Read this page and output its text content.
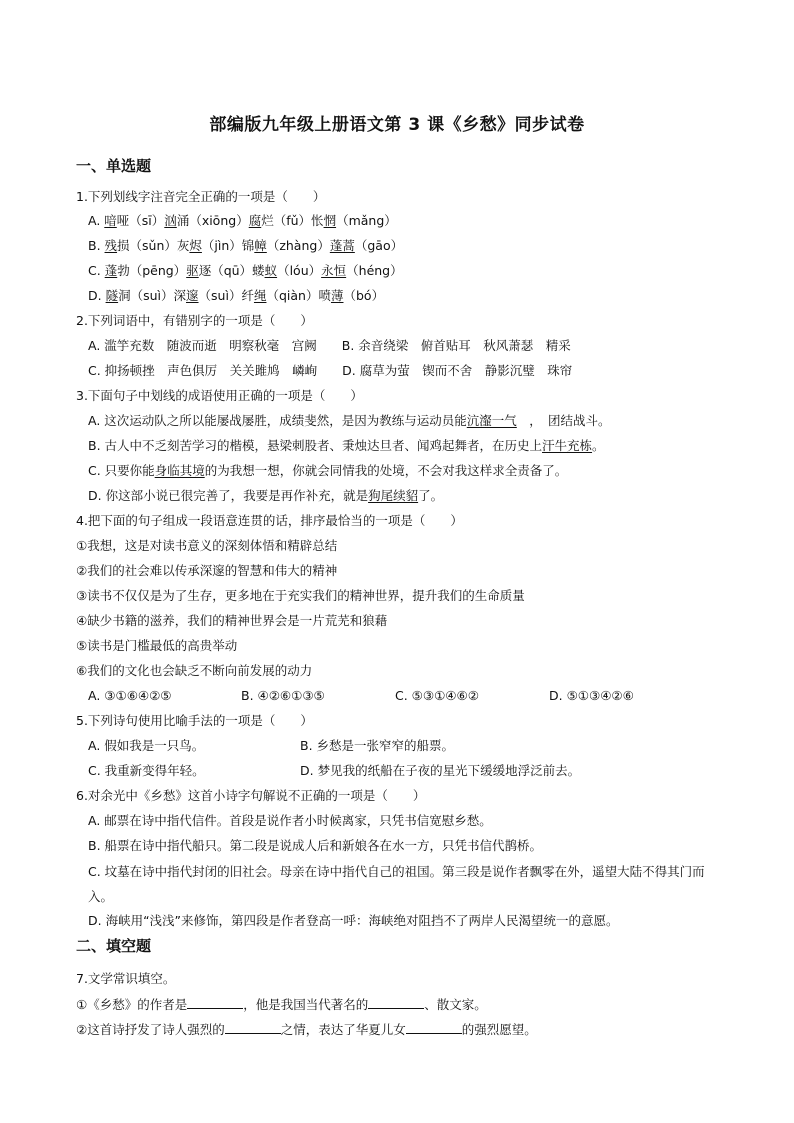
部编版九年级上册语文第 3 课《乡愁》同步试卷
一、单选题
1.下列划线字注音完全正确的一项是（　　）
A. 喑哑（sī）汹涌（xiōng）腐烂（fǔ）怅惘（mǎng）
B. 残损（sǔn）灰烬（jìn）锦幛（zhàng）蓬蒿（gāo）
C. 蓬勃（pēng）驱逐（qū）蝼蚁（lóu）永恒（héng）
D. 隧洞（suì）深邃（suì）纤绳（qiàn）喷薄（bó）
2.下列词语中，有错别字的一项是（　　）
A. 滥竽充数　随波而逝　明察秋毫　宫阙　　B. 余音绕梁　俯首贴耳　秋风萧瑟　精采
C. 抑扬顿挫　声色俱厉　关关雎鸠　嶙峋　　D. 腐草为萤　锲而不舍　静影沉璧　珠帘
3.下面句子中划线的成语使用正确的一项是（　　）
A. 这次运动队之所以能屡战屡胜，成绩斐然，是因为教练与运动员能沆瀣一气　，　团结战斗。
B. 古人中不乏刻苦学习的楷模，悬梁刺股者、秉烛达旦者、闻鸡起舞者，在历史上汗牛充栋。
C. 只要你能身临其境的为我想一想，你就会同情我的处境，不会对我这样求全责备了。
D. 你这部小说已很完善了，我要是再作补充，就是狗尾续貂了。
4.把下面的句子组成一段语意连贯的话，排序最恰当的一项是（　　）
①我想，这是对读书意义的深刻体悟和精辟总结
②我们的社会难以传承深邃的智慧和伟大的精神
③读书不仅仅是为了生存，更多地在于充实我们的精神世界，提升我们的生命质量
④缺少书籍的滋养，我们的精神世界会是一片荒芜和狼藉
⑤读书是门槛最低的高贵举动
⑥我们的文化也会缺乏不断向前发展的动力
A. ③①⑥④②⑤	B. ④②⑥①③⑤	C. ⑤③①④⑥②	D. ⑤①③④②⑥
5.下列诗句使用比喻手法的一项是（　　）
A. 假如我是一只鸟。	B. 乡愁是一张窄窄的船票。
C. 我重新变得年轻。	D. 梦见我的纸船在子夜的星光下缓缓地浮泛前去。
6.对余光中《乡愁》这首小诗字句解说不正确的一项是（　　）
A. 邮票在诗中指代信件。首段是说作者小时候离家，只凭书信宽慰乡愁。
B. 船票在诗中指代船只。第二段是说成人后和新娘各在水一方，只凭书信代鹊桥。
C. 坟墓在诗中指代封闭的旧社会。母亲在诗中指代自己的祖国。第三段是说作者飘零在外，遥望大陆不得其门而入。
D. 海峡用“浅浅”来修饰，第四段是作者登高一呼：海峡绝对阻挡不了两岸人民渴望统一的意愿。
二、填空题
7.文学常识填空。
①《乡愁》的作者是	，他是我国当代著名的	、散文家。
②这首诗抒发了诗人强烈的	之情，表达了华夏儿女	的强烈愿望。
